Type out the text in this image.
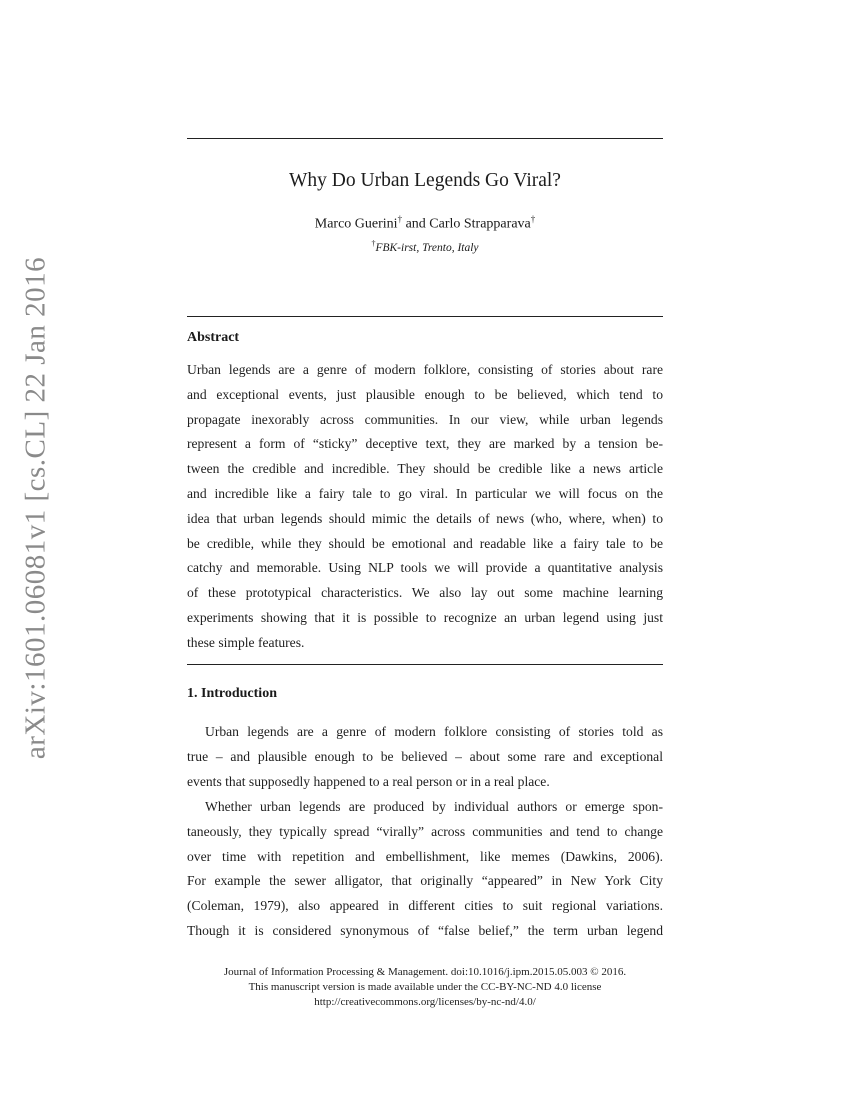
arXiv:1601.06081v1 [cs.CL] 22 Jan 2016
Why Do Urban Legends Go Viral?
Marco Guerini† and Carlo Strapparava†
†FBK-irst, Trento, Italy
Abstract
Urban legends are a genre of modern folklore, consisting of stories about rare
and exceptional events, just plausible enough to be believed, which tend to
propagate inexorably across communities. In our view, while urban legends
represent a form of “sticky” deceptive text, they are marked by a tension be-
tween the credible and incredible. They should be credible like a news article
and incredible like a fairy tale to go viral. In particular we will focus on the
idea that urban legends should mimic the details of news (who, where, when) to
be credible, while they should be emotional and readable like a fairy tale to be
catchy and memorable. Using NLP tools we will provide a quantitative analysis
of these prototypical characteristics. We also lay out some machine learning
experiments showing that it is possible to recognize an urban legend using just
these simple features.
1. Introduction
Urban legends are a genre of modern folklore consisting of stories told as
true – and plausible enough to be believed – about some rare and exceptional
events that supposedly happened to a real person or in a real place.
Whether urban legends are produced by individual authors or emerge spon-
taneously, they typically spread “virally” across communities and tend to change
over time with repetition and embellishment, like memes (Dawkins, 2006).
For example the sewer alligator, that originally “appeared” in New York City
(Coleman, 1979), also appeared in different cities to suit regional variations.
Though it is considered synonymous of “false belief,” the term urban legend
Journal of Information Processing & Management. doi:10.1016/j.ipm.2015.05.003 © 2016.
This manuscript version is made available under the CC-BY-NC-ND 4.0 license
http://creativecommons.org/licenses/by-nc-nd/4.0/
